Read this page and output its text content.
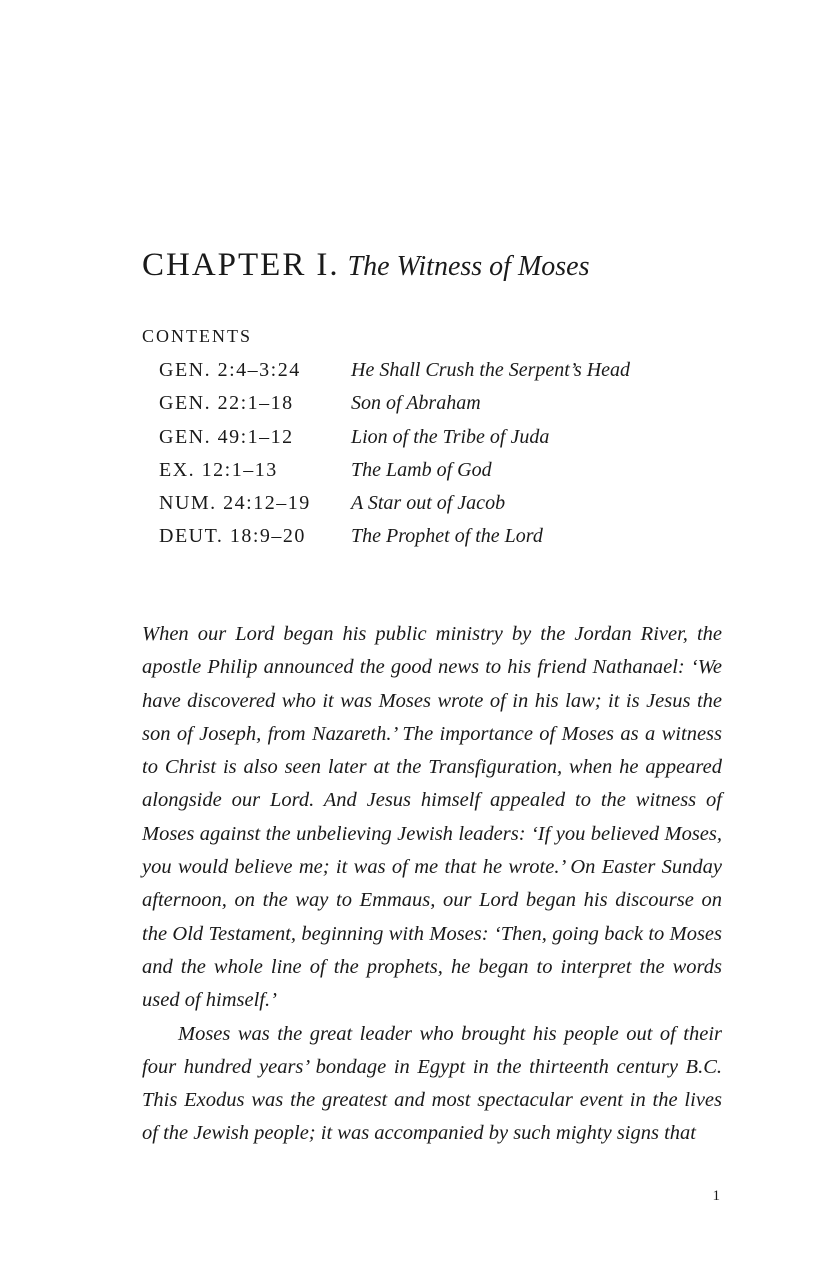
CHAPTER I. The Witness of Moses
CONTENTS
GEN. 2:4–3:24	He Shall Crush the Serpent’s Head
GEN. 22:1–18	Son of Abraham
GEN. 49:1–12	Lion of the Tribe of Juda
EX. 12:1–13	The Lamb of God
NUM. 24:12–19	A Star out of Jacob
DEUT. 18:9–20	The Prophet of the Lord

When our Lord began his public ministry by the Jordan River, the apostle Philip announced the good news to his friend Nathanael: ‘We have discovered who it was Moses wrote of in his law; it is Jesus the son of Joseph, from Nazareth.’ The importance of Moses as a witness to Christ is also seen later at the Transfiguration, when he appeared alongside our Lord. And Jesus himself appealed to the witness of Moses against the unbelieving Jewish leaders: ‘If you believed Moses, you would believe me; it was of me that he wrote.’ On Easter Sunday afternoon, on the way to Emmaus, our Lord began his discourse on the Old Testament, beginning with Moses: ‘Then, going back to Moses and the whole line of the prophets, he began to interpret the words used of himself.’

Moses was the great leader who brought his people out of their four hundred years’ bondage in Egypt in the thirteenth century B.C. This Exodus was the greatest and most spectacular event in the lives of the Jewish people; it was accompanied by such mighty signs that

1
